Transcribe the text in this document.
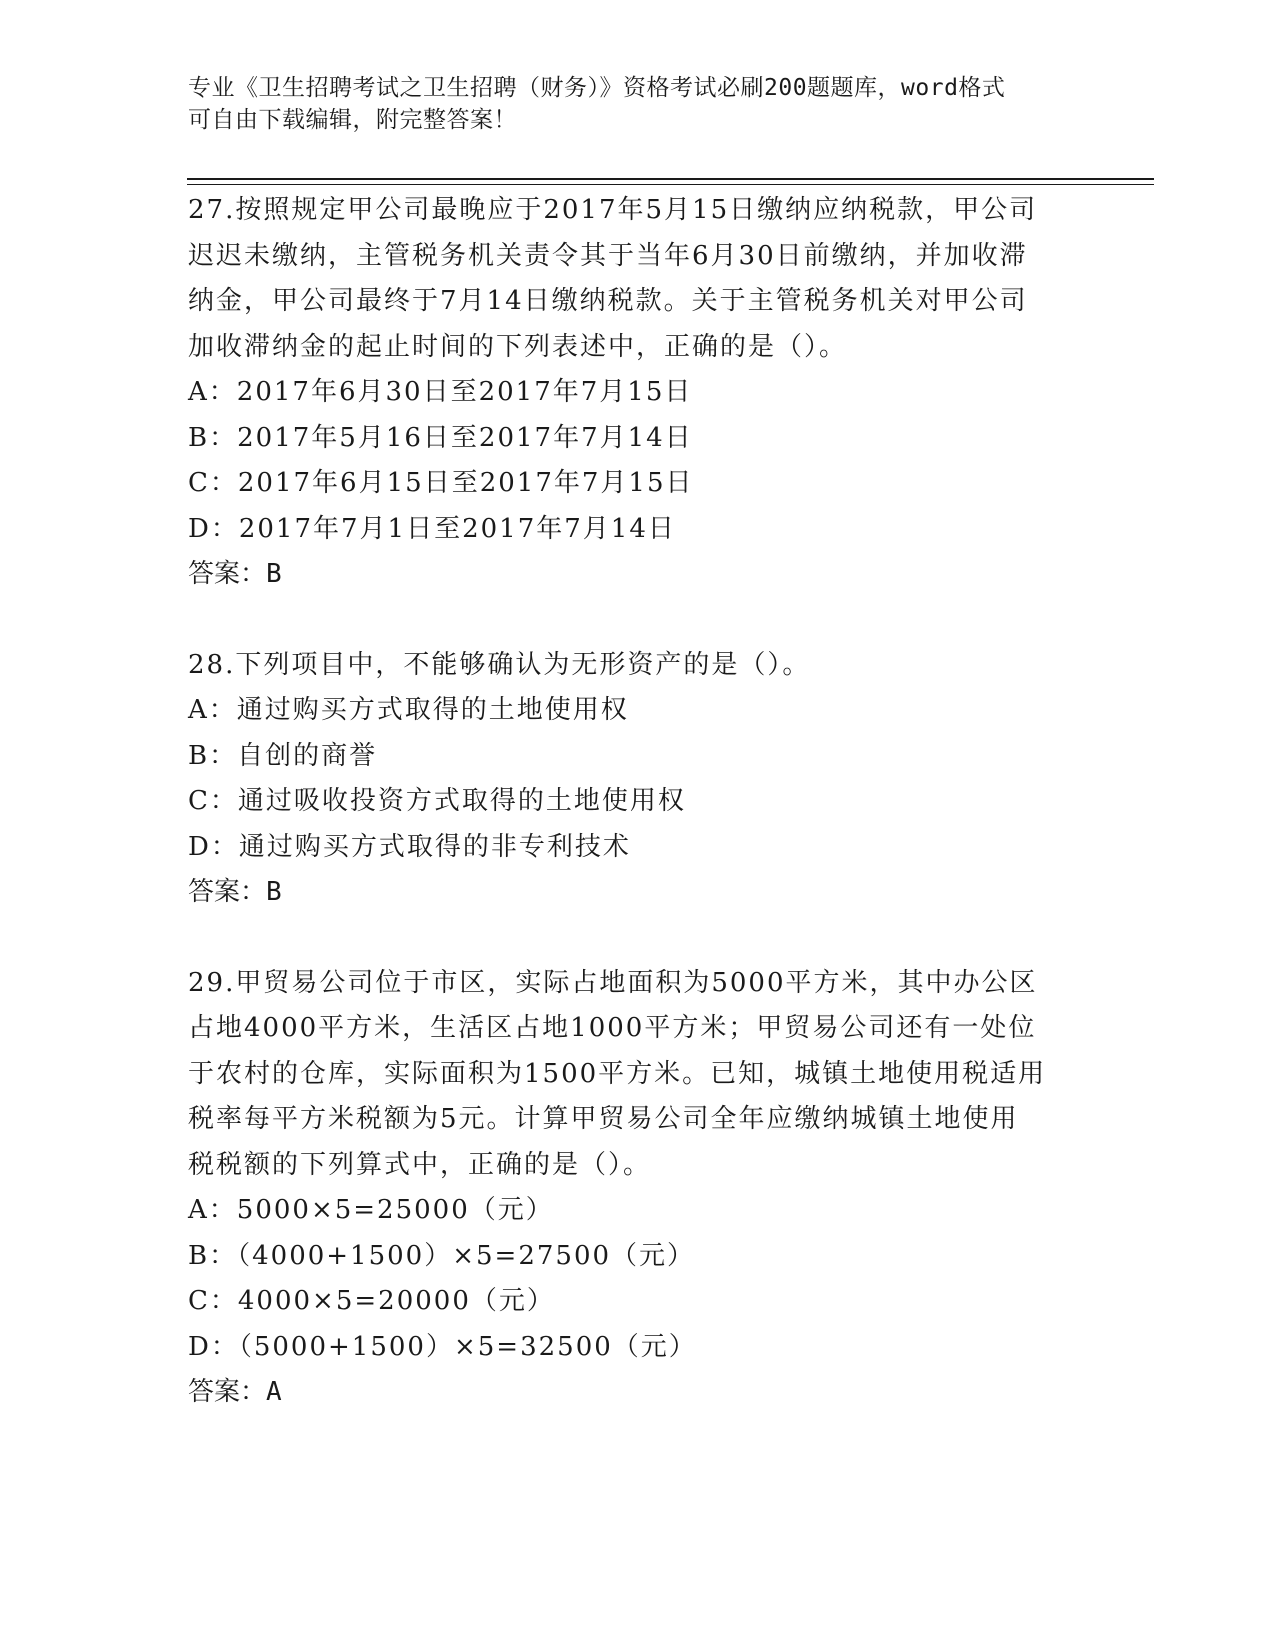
专业《卫生招聘考试之卫生招聘（财务）》资格考试必刷200题题库，word格式
可自由下载编辑，附完整答案！
27.按照规定甲公司最晚应于2017年5月15日缴纳应纳税款，甲公司
迟迟未缴纳，主管税务机关责令其于当年6月30日前缴纳，并加收滞
纳金，甲公司最终于7月14日缴纳税款。关于主管税务机关对甲公司
加收滞纳金的起止时间的下列表述中，正确的是（）。
A：2017年6月30日至2017年7月15日
B：2017年5月16日至2017年7月14日
C：2017年6月15日至2017年7月15日
D：2017年7月1日至2017年7月14日
答案：B
28.下列项目中，不能够确认为无形资产的是（）。
A：通过购买方式取得的土地使用权
B：自创的商誉
C：通过吸收投资方式取得的土地使用权
D：通过购买方式取得的非专利技术
答案：B
29.甲贸易公司位于市区，实际占地面积为5000平方米，其中办公区
占地4000平方米，生活区占地1000平方米；甲贸易公司还有一处位
于农村的仓库，实际面积为1500平方米。已知，城镇土地使用税适用
税率每平方米税额为5元。计算甲贸易公司全年应缴纳城镇土地使用
税税额的下列算式中，正确的是（）。
A：5000×5=25000（元）
B：（4000+1500）×5=27500（元）
C：4000×5=20000（元）
D：（5000+1500）×5=32500（元）
答案：A
